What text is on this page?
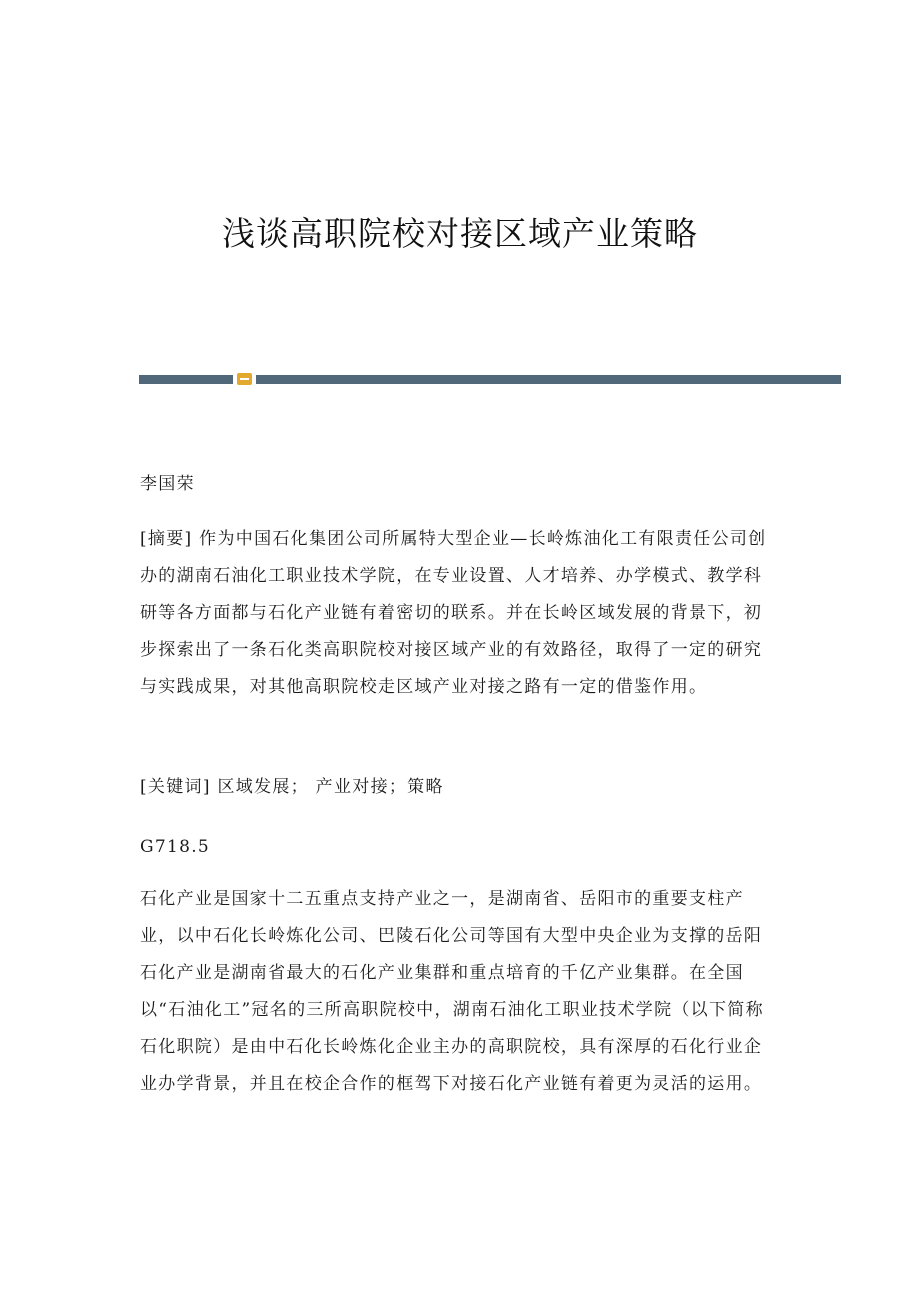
浅谈高职院校对接区域产业策略

李国荣

[摘要] 作为中国石化集团公司所属特大型企业—长岭炼油化工有限责任公司创办的湖南石油化工职业技术学院，在专业设置、人才培养、办学模式、教学科研等各方面都与石化产业链有着密切的联系。并在长岭区域发展的背景下，初步探索出了一条石化类高职院校对接区域产业的有效路径，取得了一定的研究与实践成果，对其他高职院校走区域产业对接之路有一定的借鉴作用。

[关键词] 区域发展； 产业对接；策略

G718.5

石化产业是国家十二五重点支持产业之一，是湖南省、岳阳市的重要支柱产业，以中石化长岭炼化公司、巴陵石化公司等国有大型中央企业为支撑的岳阳石化产业是湖南省最大的石化产业集群和重点培育的千亿产业集群。在全国以“石油化工”冠名的三所高职院校中，湖南石油化工职业技术学院（以下简称石化职院）是由中石化长岭炼化企业主办的高职院校，具有深厚的石化行业企业办学背景，并且在校企合作的框驾下对接石化产业链有着更为灵活的运用。
